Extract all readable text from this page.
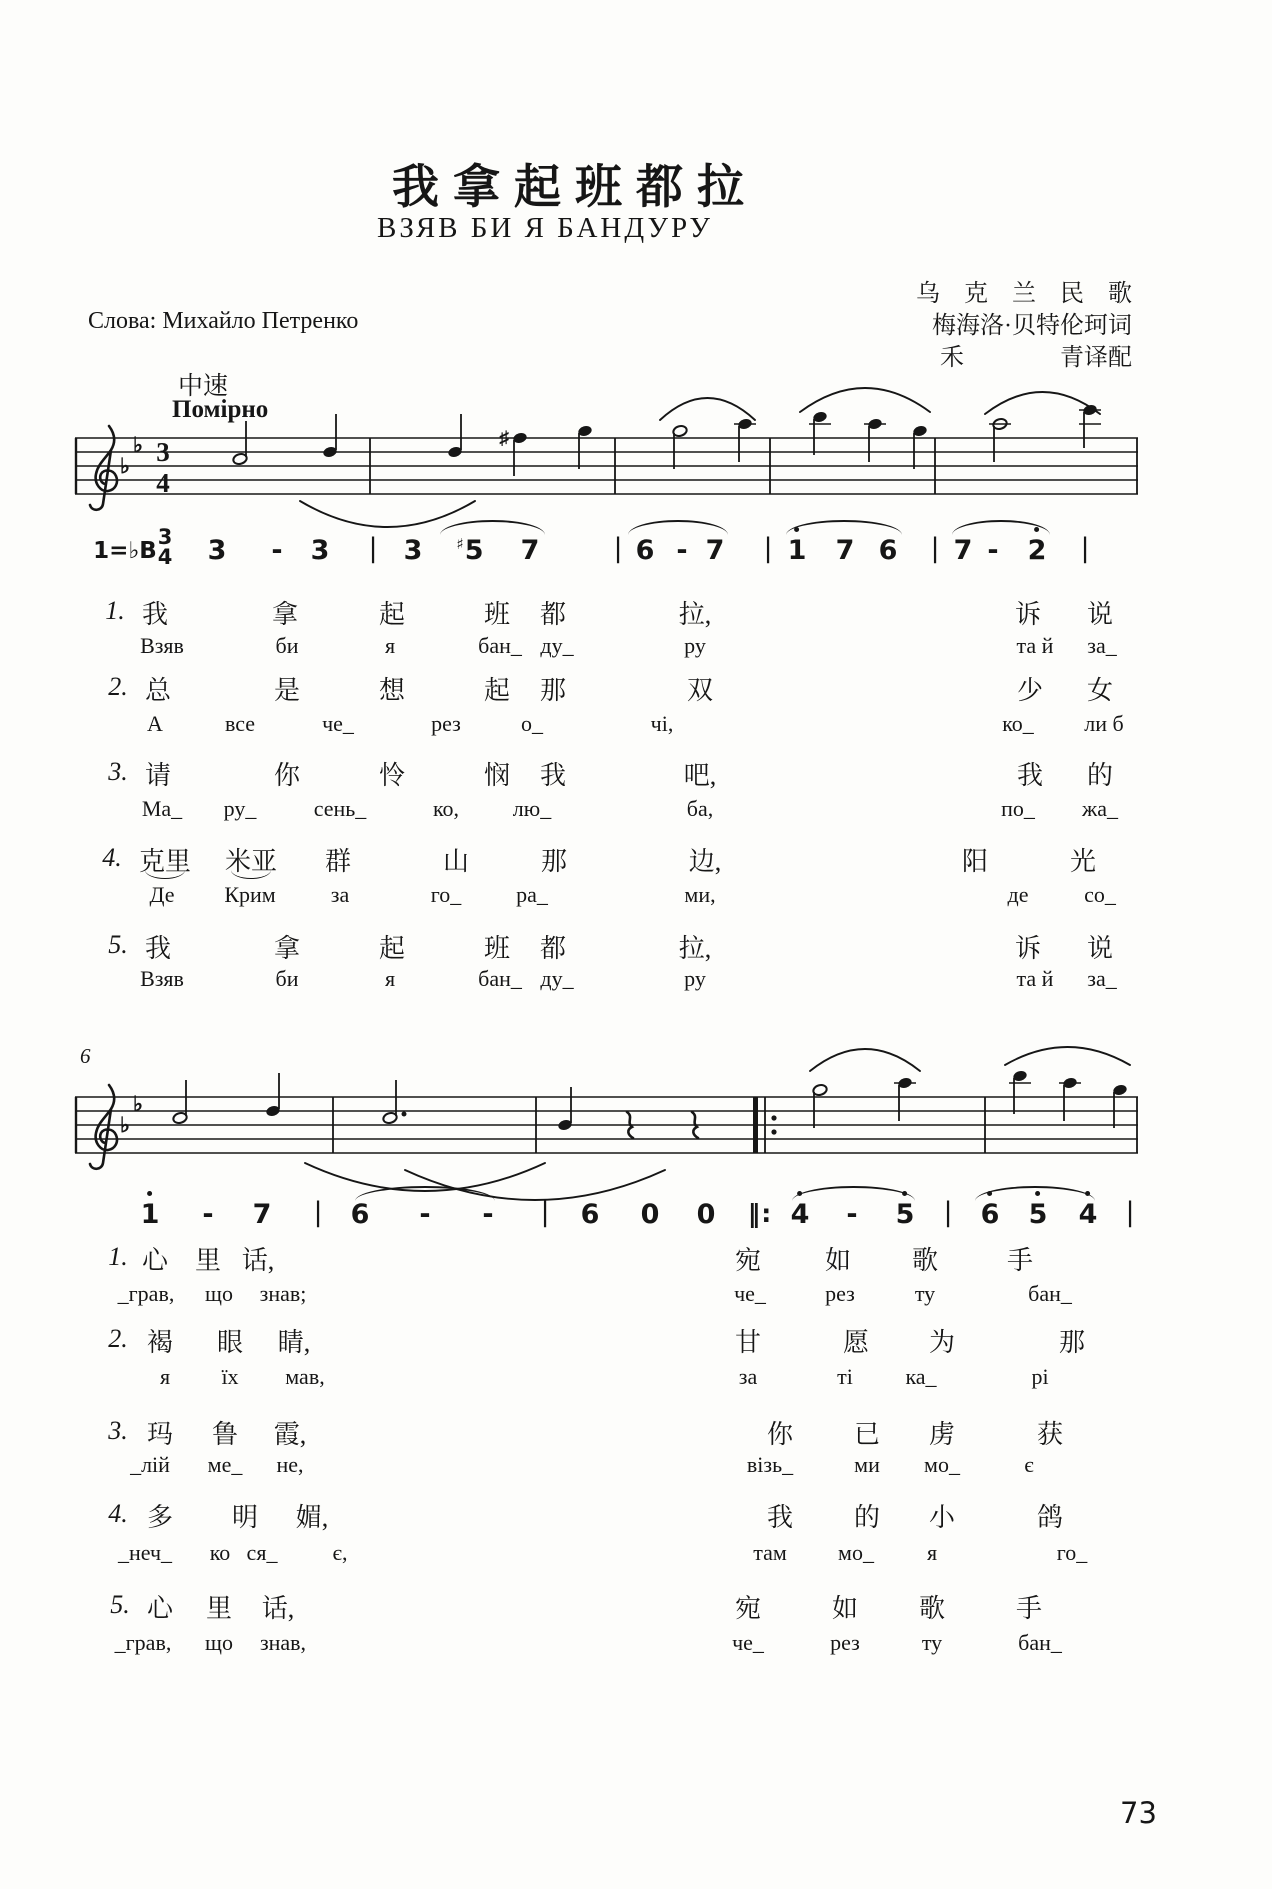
我拿起班都拉
ВЗЯВ БИ Я БАНДУРУ
Слова: Михайло Петренко
乌　克　兰　民　歌
梅海洛·贝特伦珂词
禾　　　　青译配
中速
Помірно
6
♭
♭ 3
4
♯
♭
♭
1=♭B
3
4 3 - 3 | 3 ♯5 7	| 6 - 7 | 1 7 6 | 7 - 2 |
1 - 7 | 6 - - | 6 0 0 ‖: 4 - 5 | 6 5 4 |
1. 我	拿	起	班 都	拉,	诉 说
Взяв	би	я	бан_ ду_	ру	та й за_
2. 总	是	想	起 那	双	少 女
А	все	че_	рез	о_	чі,	ко_ ли б
3. 请	你	怜	悯 我	吧,	我 的
Ма_ ру_	сень_	ко, лю_	ба,	по_ жа_
4. 克里 米亚 群	山	那	边,	阳	光
Де Крим	за	го_ ра_	ми,	де	со_
5. 我	拿	起	班 都	拉,	诉 说
Взяв	би	я	бан_ ду_	ру	та й за_
1. 心 里 话,	宛 如 歌	手
_грав, що знав;	че_	рез	ту	бан_
2. 褐 眼 睛,	甘	愿 为	那
я їх мав,	за	ті ка_	рі
3. 玛 鲁 霞,	你 已 虏	获
_лій ме_ не,	візь_	ми мо_	є
4. 多 明 媚,	我 的 小	鸽
_неч_ ко ся_	є,	там мо_ я	го_
5. 心 里 话,	宛	如 歌	手
_грав, що знав,	че_	рез	ту	бан_
73
